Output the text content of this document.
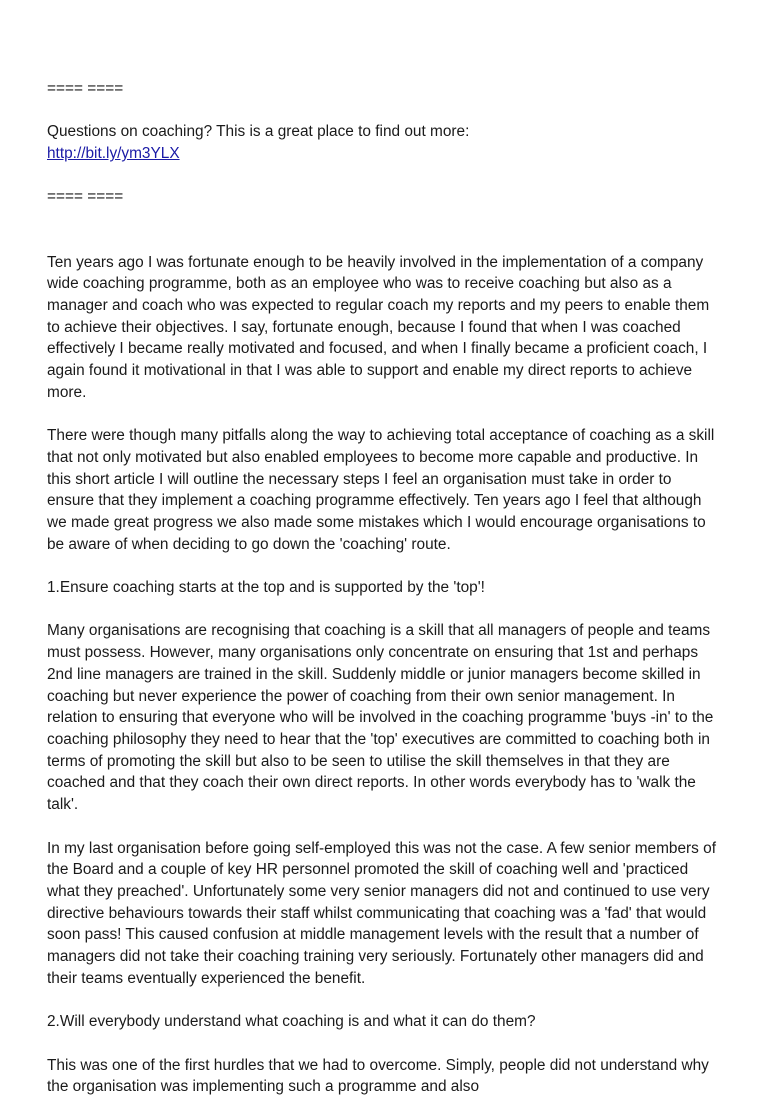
==== ====

Questions on coaching? This is a great place to find out more:

http://bit.ly/ym3YLX

==== ====

Ten years ago I was fortunate enough to be heavily involved in the implementation of a company
wide coaching programme, both as an employee who was to receive coaching but also as a
manager and coach who was expected to regular coach my reports and my peers to enable them
to achieve their objectives. I say, fortunate enough, because I found that when I was coached
effectively I became really motivated and focused, and when I finally became a proficient coach, I
again found it motivational in that I was able to support and enable my direct reports to achieve
more.
There were though many pitfalls along the way to achieving total acceptance of coaching as a skill
that not only motivated but also enabled employees to become more capable and productive. In
this short article I will outline the necessary steps I feel an organisation must take in order to
ensure that they implement a coaching programme effectively. Ten years ago I feel that although
we made great progress we also made some mistakes which I would encourage organisations to
be aware of when deciding to go down the 'coaching' route.

1.Ensure coaching starts at the top and is supported by the 'top'!

Many organisations are recognising that coaching is a skill that all managers of people and teams
must possess. However, many organisations only concentrate on ensuring that 1st and perhaps
2nd line managers are trained in the skill. Suddenly middle or junior managers become skilled in
coaching but never experience the power of coaching from their own senior management. In
relation to ensuring that everyone who will be involved in the coaching programme 'buys -in' to the
coaching philosophy they need to hear that the 'top' executives are committed to coaching both in
terms of promoting the skill but also to be seen to utilise the skill themselves in that they are
coached and that they coach their own direct reports. In other words everybody has to 'walk the
talk'.
In my last organisation before going self-employed this was not the case. A few senior members of
the Board and a couple of key HR personnel promoted the skill of coaching well and 'practiced
what they preached'. Unfortunately some very senior managers did not and continued to use very
directive behaviours towards their staff whilst communicating that coaching was a 'fad' that would
soon pass! This caused confusion at middle management levels with the result that a number of
managers did not take their coaching training very seriously. Fortunately other managers did and
their teams eventually experienced the benefit.

2.Will everybody understand what coaching is and what it can do them?

This was one of the first hurdles that we had to overcome. Simply, people did not understand why
the organisation was implementing such a programme and also
